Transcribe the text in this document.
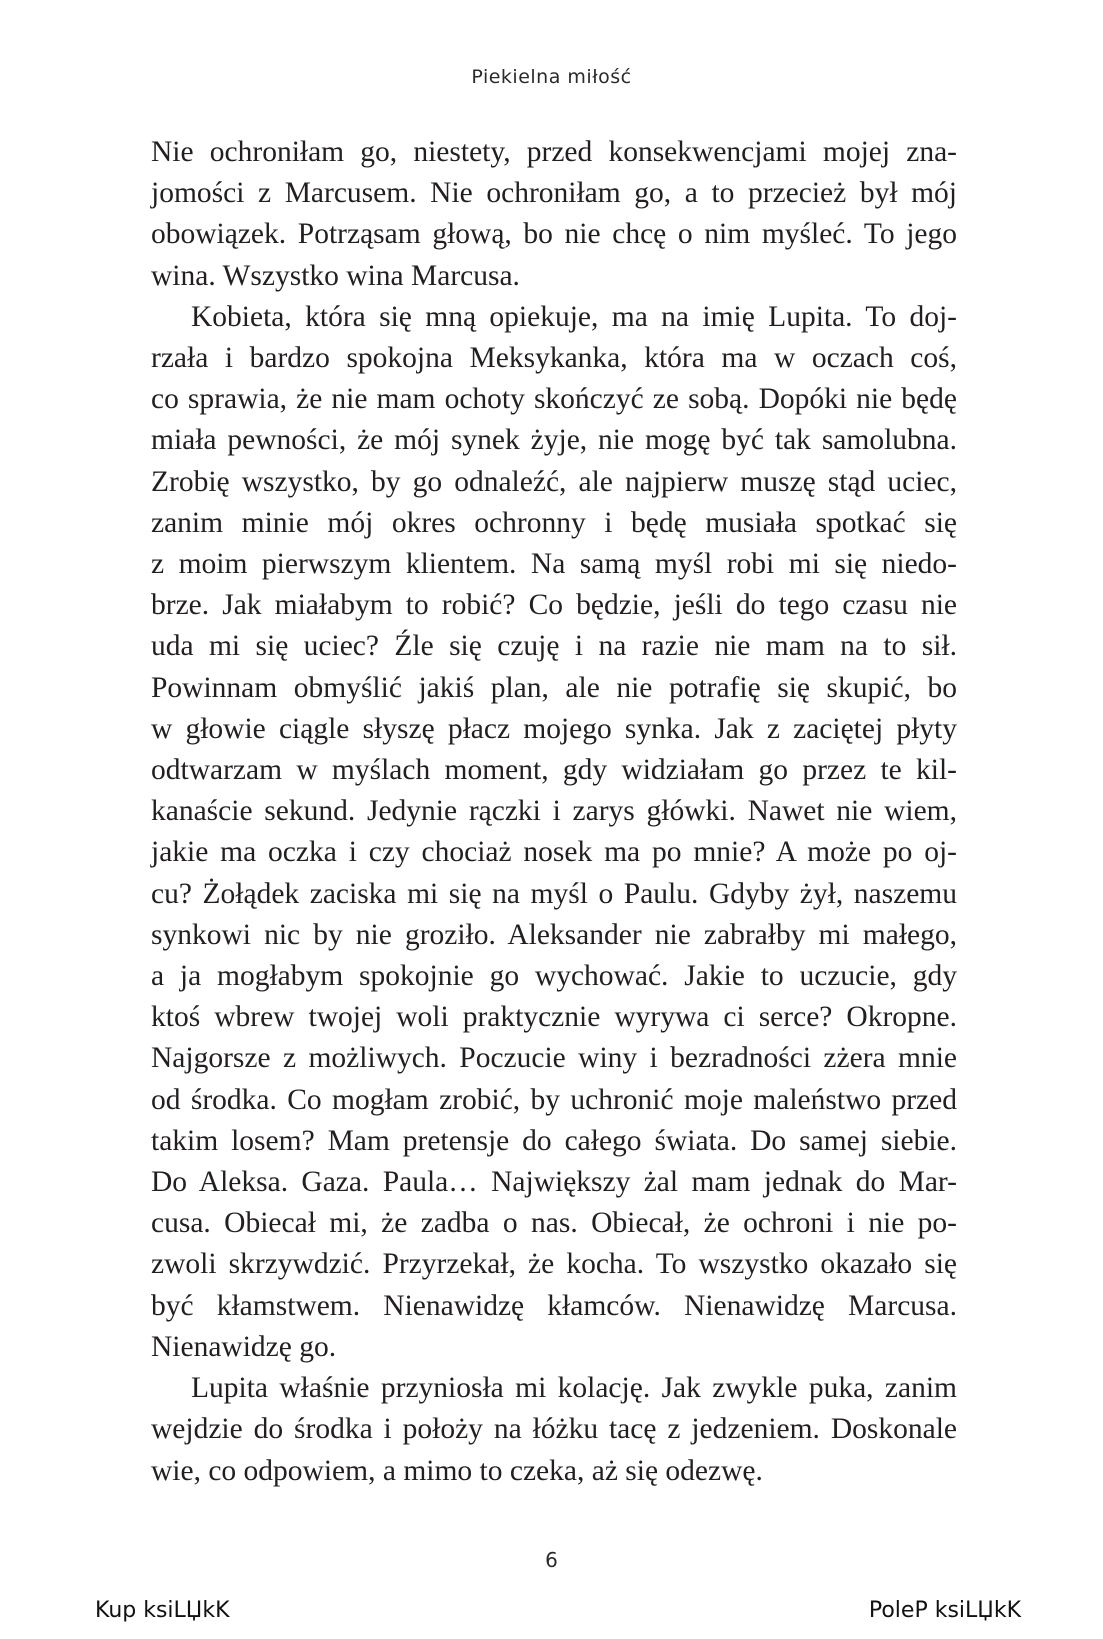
Piekielna miłość

Nie ochroniłam go, niestety, przed konsekwencjami mojej zna-
jomości z Marcusem. Nie ochroniłam go, a to przecież był mój
obowiązek. Potrząsam głową, bo nie chcę o nim myśleć. To jego
wina. Wszystko wina Marcusa.

Kobieta, która się mną opiekuje, ma na imię Lupita. To doj-
rzała i bardzo spokojna Meksykanka, która ma w oczach coś,
co sprawia, że nie mam ochoty skończyć ze sobą. Dopóki nie będę
miała pewności, że mój synek żyje, nie mogę być tak samolubna.
Zrobię wszystko, by go odnaleźć, ale najpierw muszę stąd uciec,
zanim minie mój okres ochronny i będę musiała spotkać się
z moim pierwszym klientem. Na samą myśl robi mi się niedo-
brze. Jak miałabym to robić? Co będzie, jeśli do tego czasu nie
uda mi się uciec? Źle się czuję i na razie nie mam na to sił.
Powinnam obmyślić jakiś plan, ale nie potrafię się skupić, bo
w głowie ciągle słyszę płacz mojego synka. Jak z zaciętej płyty
odtwarzam w myślach moment, gdy widziałam go przez te kil-
kanaście sekund. Jedynie rączki i zarys główki. Nawet nie wiem,
jakie ma oczka i czy chociaż nosek ma po mnie? A może po oj-
cu? Żołądek zaciska mi się na myśl o Paulu. Gdyby żył, naszemu
synkowi nic by nie groziło. Aleksander nie zabrałby mi małego,
a ja mogłabym spokojnie go wychować. Jakie to uczucie, gdy
ktoś wbrew twojej woli praktycznie wyrywa ci serce? Okropne.
Najgorsze z możliwych. Poczucie winy i bezradności zżera mnie
od środka. Co mogłam zrobić, by uchronić moje maleństwo przed
takim losem? Mam pretensje do całego świata. Do samej siebie.
Do Aleksa. Gaza. Paula… Największy żal mam jednak do Mar-
cusa. Obiecał mi, że zadba o nas. Obiecał, że ochroni i nie po-
zwoli skrzywdzić. Przyrzekał, że kocha. To wszystko okazało się
być kłamstwem. Nienawidzę kłamców. Nienawidzę Marcusa.
Nienawidzę go.

Lupita właśnie przyniosła mi kolację. Jak zwykle puka, zanim
wejdzie do środka i położy na łóżku tacę z jedzeniem. Doskonale
wie, co odpowiem, a mimo to czeka, aż się odezwę.

6
Kup ksiLЏkK	PoleP ksiLЏkK
